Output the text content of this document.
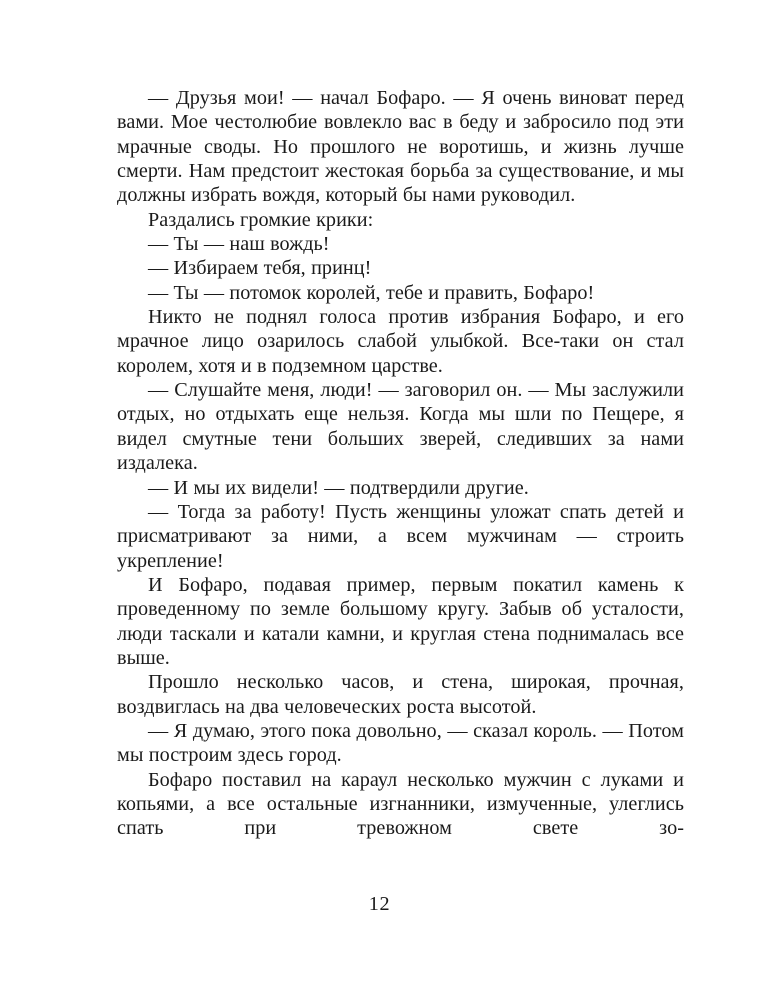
— Друзья мои! — начал Бофаро. — Я очень виноват перед вами. Мое честолюбие вовлекло вас в беду и забросило под эти мрачные своды. Но прошлого не воротишь, и жизнь лучше смерти. Нам предстоит жестокая борьба за существование, и мы должны избрать вождя, который бы нами руководил.

Раздались громкие крики:

— Ты — наш вождь!

— Избираем тебя, принц!

— Ты — потомок королей, тебе и править, Бофаро!

Никто не поднял голоса против избрания Бофаро, и его мрачное лицо озарилось слабой улыбкой. Все-таки он стал королем, хотя и в подземном царстве.

— Слушайте меня, люди! — заговорил он. — Мы заслужили отдых, но отдыхать еще нельзя. Когда мы шли по Пещере, я видел смутные тени больших зверей, следивших за нами издалека.

— И мы их видели! — подтвердили другие.

— Тогда за работу! Пусть женщины уложат спать детей и присматривают за ними, а всем мужчинам — строить укрепление!

И Бофаро, подавая пример, первым покатил камень к проведенному по земле большому кругу. Забыв об усталости, люди таскали и катали камни, и круглая стена поднималась все выше.

Прошло несколько часов, и стена, широкая, прочная, воздвиглась на два человеческих роста высотой.

— Я думаю, этого пока довольно, — сказал король. — Потом мы построим здесь город.

Бофаро поставил на караул несколько мужчин с луками и копьями, а все остальные изгнанники, измученные, улеглись спать при тревожном свете зо-

12
